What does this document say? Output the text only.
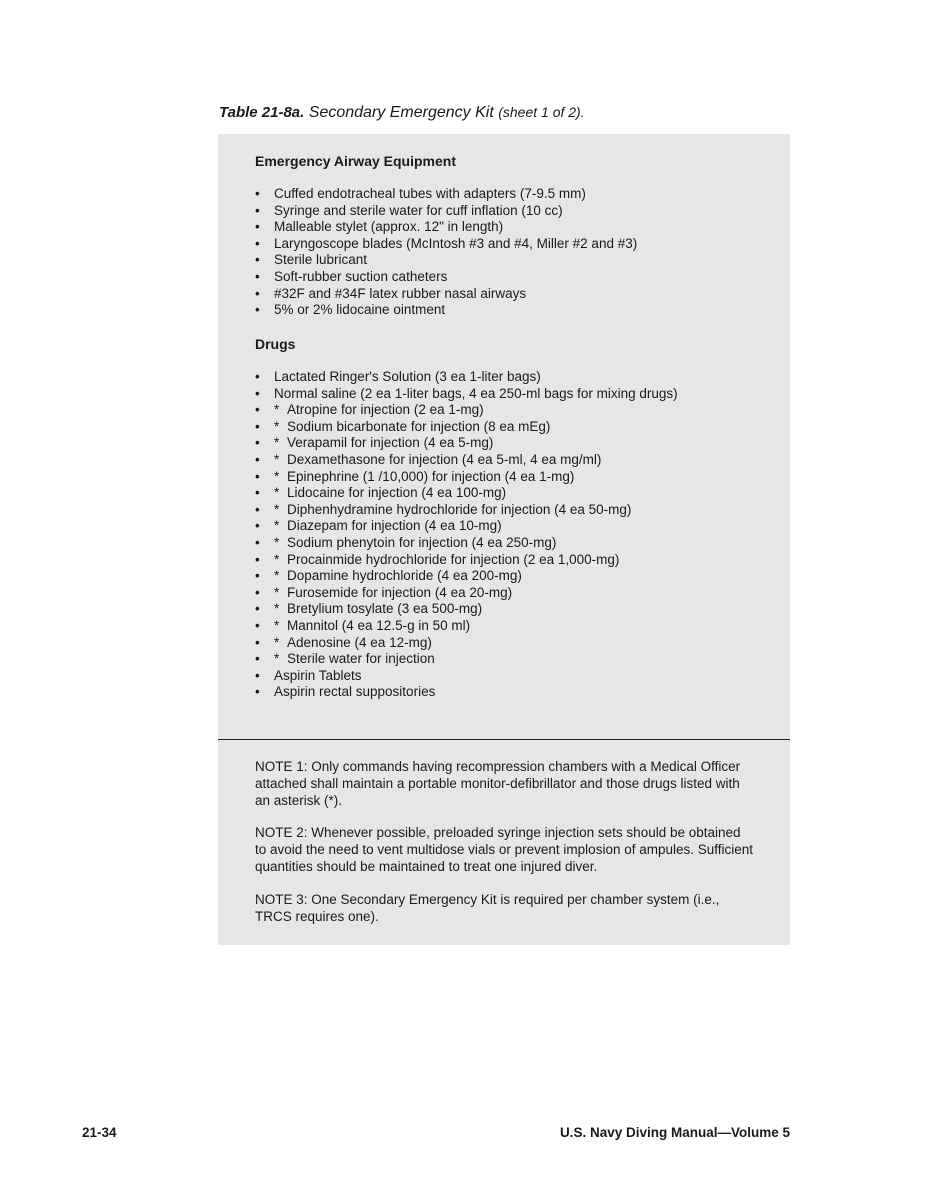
Table 21-8a. Secondary Emergency Kit (sheet 1 of 2).
Emergency Airway Equipment
• Cuffed endotracheal tubes with adapters (7-9.5 mm)
• Syringe and sterile water for cuff inflation (10 cc)
• Malleable stylet (approx. 12" in length)
• Laryngoscope blades (McIntosh #3 and #4, Miller #2 and #3)
• Sterile lubricant
• Soft-rubber suction catheters
• #32F and #34F latex rubber nasal airways
• 5% or 2% lidocaine ointment
Drugs
• Lactated Ringer's Solution (3 ea 1-liter bags)
• Normal saline (2 ea 1-liter bags, 4 ea 250-ml bags for mixing drugs)
• * Atropine for injection (2 ea 1-mg)
• * Sodium bicarbonate for injection (8 ea mEg)
• * Verapamil for injection (4 ea 5-mg)
• * Dexamethasone for injection (4 ea 5-ml, 4 ea mg/ml)
• * Epinephrine (1 /10,000) for injection (4 ea 1-mg)
• * Lidocaine for injection (4 ea 100-mg)
• * Diphenhydramine hydrochloride for injection (4 ea 50-mg)
• * Diazepam for injection (4 ea 10-mg)
• * Sodium phenytoin for injection (4 ea 250-mg)
• * Procainmide hydrochloride for injection (2 ea 1,000-mg)
• * Dopamine hydrochloride (4 ea 200-mg)
• * Furosemide for injection (4 ea 20-mg)
• * Bretylium tosylate (3 ea 500-mg)
• * Mannitol (4 ea 12.5-g in 50 ml)
• * Adenosine (4 ea 12-mg)
• * Sterile water for injection
• Aspirin Tablets
• Aspirin rectal suppositories

NOTE 1: Only commands having recompression chambers with a Medical Officer attached shall maintain a portable monitor-defibrillator and those drugs listed with an asterisk (*).

NOTE 2: Whenever possible, preloaded syringe injection sets should be obtained to avoid the need to vent multidose vials or prevent implosion of ampules. Sufficient quantities should be maintained to treat one injured diver.

NOTE 3: One Secondary Emergency Kit is required per chamber system (i.e., TRCS requires one).

21-34	U.S. Navy Diving Manual—Volume 5
